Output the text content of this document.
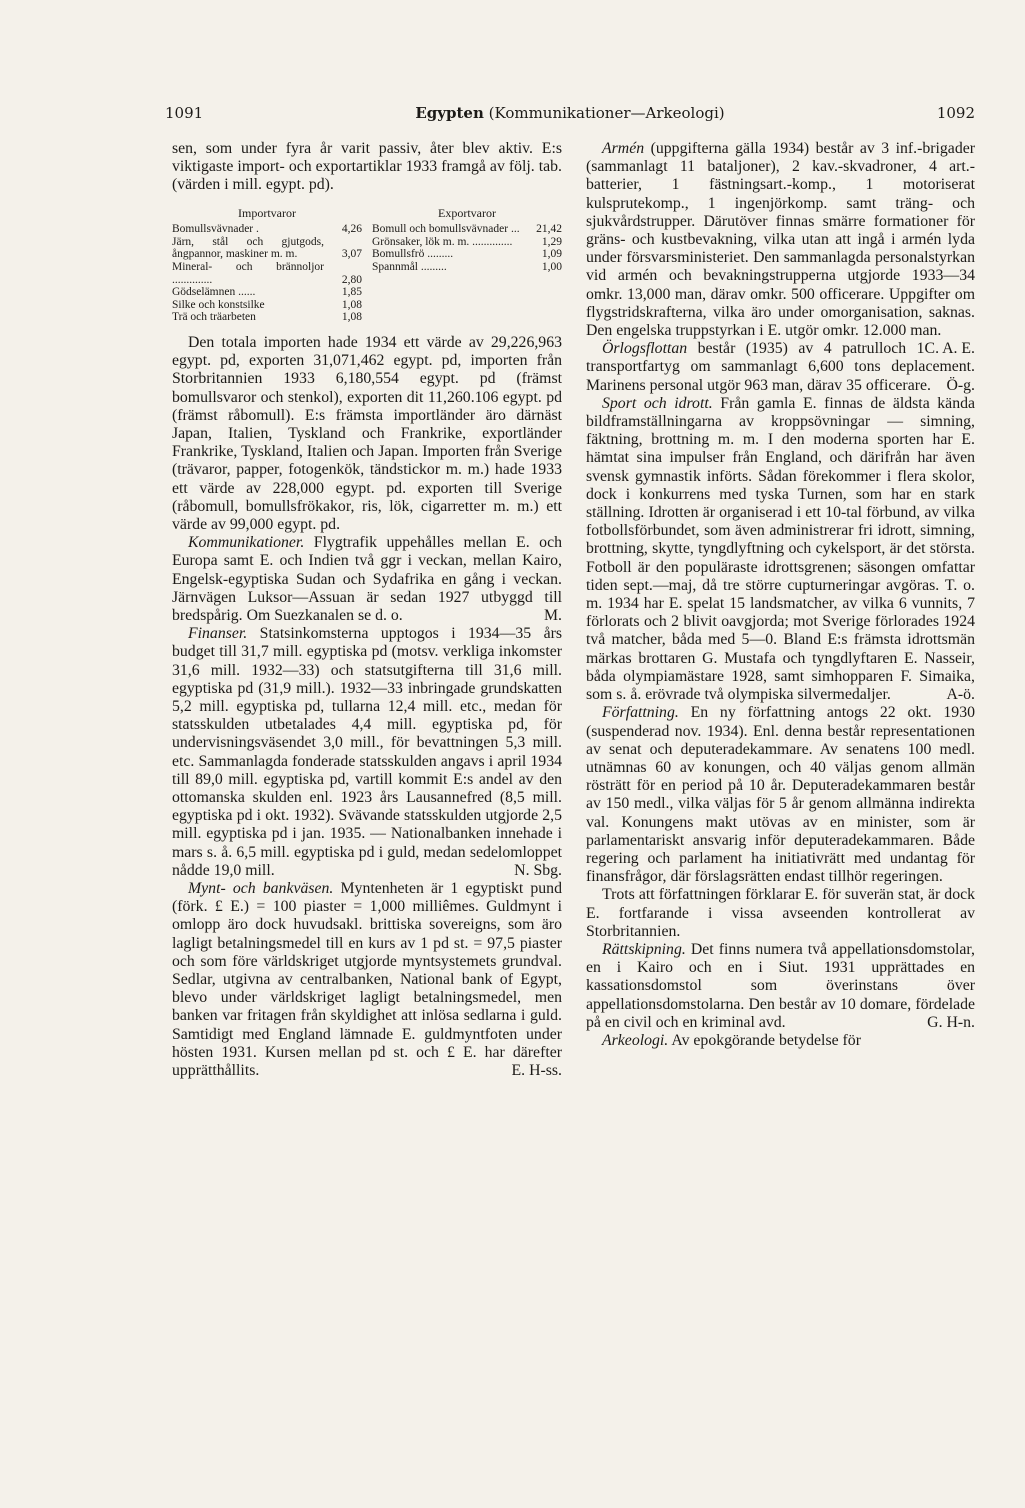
1091	Egypten (Kommunikationer—Arkeologi)	1092

sen, som under fyra år varit passiv, åter blev aktiv. E:s viktigaste import- och exportartiklar 1933 framgå av följ. tab. (värden i mill. egypt. pd).

Importvaror
Bomullsvävnader .	4,26
Järn, stål och gjutgods, ångpannor, maskiner m. m.	3,07
Mineral- och brännoljor ..............	2,80
Gödselämnen ......	1,85
Silke och konstsilke	1,08
Trä och träarbeten	1,08
Exportvaror
Bomull och bomullsvävnader ...	21,42
Grönsaker, lök m. m. ..............	1,29
Bomullsfrö .........	1,09
Spannmål .........	1,00

Den totala importen hade 1934 ett värde av 29,226,963 egypt. pd, exporten 31,071,462 egypt. pd, importen från Storbritannien 1933 6,180,554 egypt. pd (främst bomullsvaror och stenkol), exporten dit 11,260.106 egypt. pd (främst råbomull). E:s främsta importländer äro därnäst Japan, Italien, Tyskland och Frankrike, exportländer Frankrike, Tyskland, Italien och Japan. Importen från Sverige (trävaror, papper, fotogenkök, tändstickor m. m.) hade 1933 ett värde av 228,000 egypt. pd. exporten till Sverige (råbomull, bomullsfrökakor, ris, lök, cigarretter m. m.) ett värde av 99,000 egypt. pd.

Kommunikationer. Flygtrafik uppehålles mellan E. och Europa samt E. och Indien två ggr i veckan, mellan Kairo, Engelsk-egyptiska Sudan och Sydafrika en gång i veckan. Järnvägen Luksor—Assuan är sedan 1927 utbyggd till bredspårig. Om Suezkanalen se d. o.	M.

Finanser. Statsinkomsterna upptogos i 1934—35 års budget till 31,7 mill. egyptiska pd (motsv. verkliga inkomster 31,6 mill. 1932—33) och statsutgifterna till 31,6 mill. egyptiska pd (31,9 mill.). 1932—33 inbringade grundskatten 5,2 mill. egyptiska pd, tullarna 12,4 mill. etc., medan för statsskulden utbetalades 4,4 mill. egyptiska pd, för undervisningsväsendet 3,0 mill., för bevattningen 5,3 mill. etc. Sammanlagda fonderade statsskulden angavs i april 1934 till 89,0 mill. egyptiska pd, vartill kommit E:s andel av den ottomanska skulden enl. 1923 års Lausannefred (8,5 mill. egyptiska pd i okt. 1932). Svävande statsskulden utgjorde 2,5 mill. egyptiska pd i jan. 1935. — Nationalbanken innehade i mars s. å. 6,5 mill. egyptiska pd i guld, medan sedelomloppet nådde 19,0 mill.	N. Sbg.

Mynt- och bankväsen. Myntenheten är 1 egyptiskt pund (förk. £ E.) = 100 piaster = 1,000 milliêmes. Guldmynt i omlopp äro dock huvudsakl. brittiska sovereigns, som äro lagligt betalningsmedel till en kurs av 1 pd st. = 97,5 piaster och som före världskriget utgjorde myntsystemets grundval. Sedlar, utgivna av centralbanken, National bank of Egypt, blevo under världskriget lagligt betalningsmedel, men banken var fritagen från skyldighet att inlösa sedlarna i guld. Samtidigt med England lämnade E. guldmyntfoten under hösten 1931. Kursen mellan pd st. och £ E. har därefter upprätthållits.	E. H-ss.

Armén (uppgifterna gälla 1934) består av 3 inf.-brigader (sammanlagt 11 bataljoner), 2 kav.-skvadroner, 4 art.-batterier, 1 fästningsart.-komp., 1 motoriserat kulsprutekomp., 1 ingenjörkomp. samt träng- och sjukvårdstrupper. Därutöver finnas smärre formationer för gräns- och kustbevakning, vilka utan att ingå i armén lyda under försvarsministeriet. Den sammanlagda personalstyrkan vid armén och bevakningstrupperna utgjorde 1933—34 omkr. 13,000 man, därav omkr. 500 officerare. Uppgifter om flygstridskrafterna, vilka äro under omorganisation, saknas. Den engelska truppstyrkan i E. utgör omkr. 12.000 man.
C. A. E.

Örlogsflottan består (1935) av 4 patrulloch 1 transportfartyg om sammanlagt 6,600 tons deplacement. Marinens personal utgör 963 man, därav 35 officerare. Ö-g.

Sport och idrott. Från gamla E. finnas de äldsta kända bildframställningarna av kroppsövningar — simning, fäktning, brottning m. m. I den moderna sporten har E. hämtat sina impulser från England, och därifrån har även svensk gymnastik införts. Sådan förekommer i flera skolor, dock i konkurrens med tyska Turnen, som har en stark ställning. Idrotten är organiserad i ett 10-tal förbund, av vilka fotbollsförbundet, som även administrerar fri idrott, simning, brottning, skytte, tyngdlyftning och cykelsport, är det största. Fotboll är den populäraste idrottsgrenen; säsongen omfattar tiden sept.—maj, då tre större cupturneringar avgöras. T. o. m. 1934 har E. spelat 15 landsmatcher, av vilka 6 vunnits, 7 förlorats och 2 blivit oavgjorda; mot Sverige förlorades 1924 två matcher, båda med 5—0. Bland E:s främsta idrottsmän märkas brottaren G. Mustafa och tyngdlyftaren E. Nasseir, båda olympiamästare 1928, samt simhopparen F. Simaika, som s. å. erövrade två olympiska silvermedaljer.	A-ö.

Författning. En ny författning antogs 22 okt. 1930 (suspenderad nov. 1934). Enl. denna består representationen av senat och deputeradekammare. Av senatens 100 medl. utnämnas 60 av konungen, och 40 väljas genom allmän rösträtt för en period på 10 år. Deputeradekammaren består av 150 medl., vilka väljas för 5 år genom allmänna indirekta val. Konungens makt utövas av en minister, som är parlamentariskt ansvarig inför deputeradekammaren. Både regering och parlament ha initiativrätt med undantag för finansfrågor, där förslagsrätten endast tillhör regeringen.

Trots att författningen förklarar E. för suverän stat, är dock E. fortfarande i vissa avseenden kontrollerat av Storbritannien.

Rättskipning. Det finns numera två appellationsdomstolar, en i Kairo och en i Siut. 1931 upprättades en kassationsdomstol som överinstans över appellationsdomstolarna. Den består av 10 domare, fördelade på en civil och en kriminal avd.	G. H-n.

Arkeologi. Av epokgörande betydelse för
